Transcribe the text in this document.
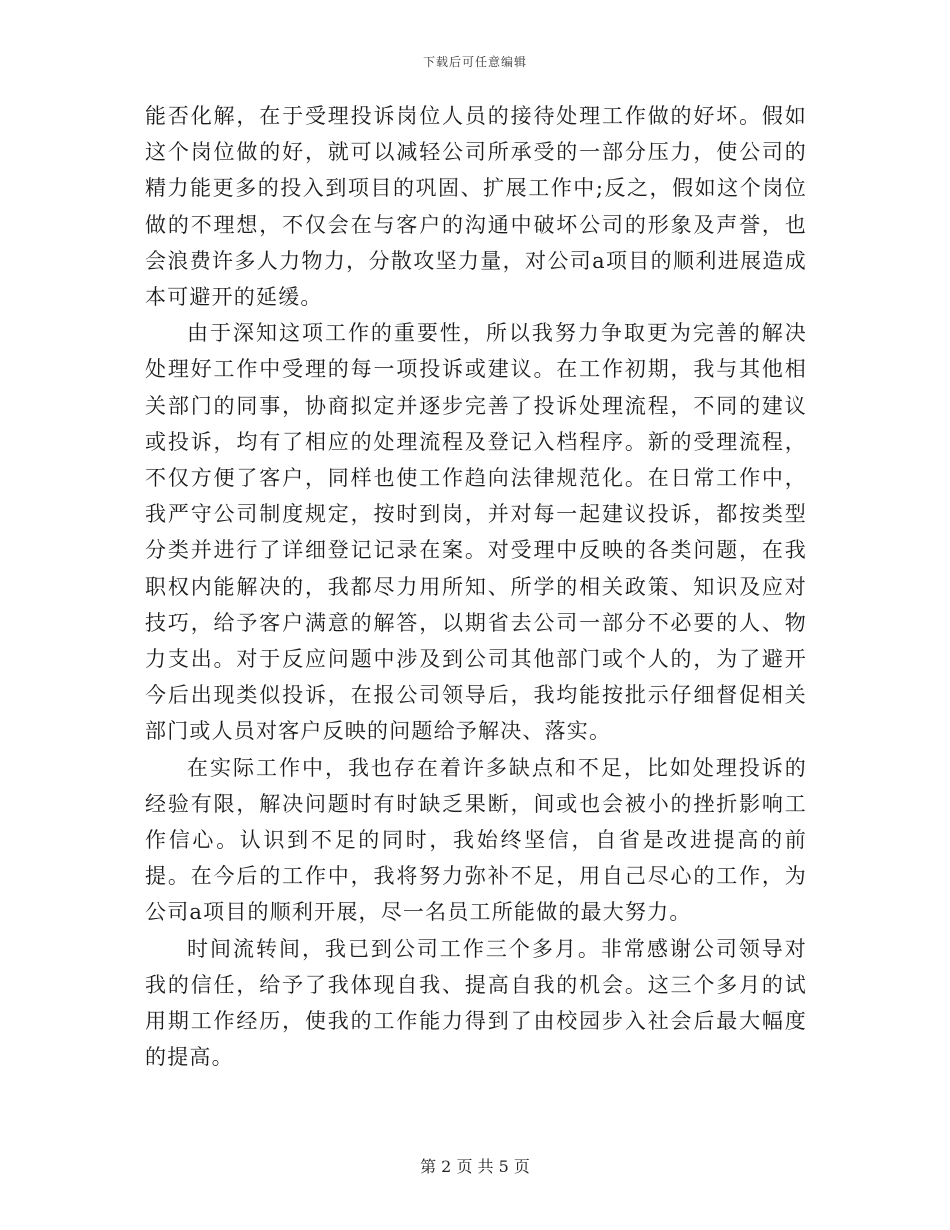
下载后可任意编辑

能否化解，在于受理投诉岗位人员的接待处理工作做的好坏。假如这个岗位做的好，就可以减轻公司所承受的一部分压力，使公司的精力能更多的投入到项目的巩固、扩展工作中;反之，假如这个岗位做的不理想，不仅会在与客户的沟通中破坏公司的形象及声誉，也会浪费许多人力物力，分散攻坚力量，对公司a项目的顺利进展造成本可避开的延缓。

由于深知这项工作的重要性，所以我努力争取更为完善的解决处理好工作中受理的每一项投诉或建议。在工作初期，我与其他相关部门的同事，协商拟定并逐步完善了投诉处理流程，不同的建议或投诉，均有了相应的处理流程及登记入档程序。新的受理流程，不仅方便了客户，同样也使工作趋向法律规范化。在日常工作中，我严守公司制度规定，按时到岗，并对每一起建议投诉，都按类型分类并进行了详细登记记录在案。对受理中反映的各类问题，在我职权内能解决的，我都尽力用所知、所学的相关政策、知识及应对技巧，给予客户满意的解答，以期省去公司一部分不必要的人、物力支出。对于反应问题中涉及到公司其他部门或个人的，为了避开今后出现类似投诉，在报公司领导后，我均能按批示仔细督促相关部门或人员对客户反映的问题给予解决、落实。

在实际工作中，我也存在着许多缺点和不足，比如处理投诉的经验有限，解决问题时有时缺乏果断，间或也会被小的挫折影响工作信心。认识到不足的同时，我始终坚信，自省是改进提高的前提。在今后的工作中，我将努力弥补不足，用自己尽心的工作，为公司a项目的顺利开展，尽一名员工所能做的最大努力。

时间流转间，我已到公司工作三个多月。非常感谢公司领导对我的信任，给予了我体现自我、提高自我的机会。这三个多月的试用期工作经历，使我的工作能力得到了由校园步入社会后最大幅度的提高。

第 2 页 共 5 页
